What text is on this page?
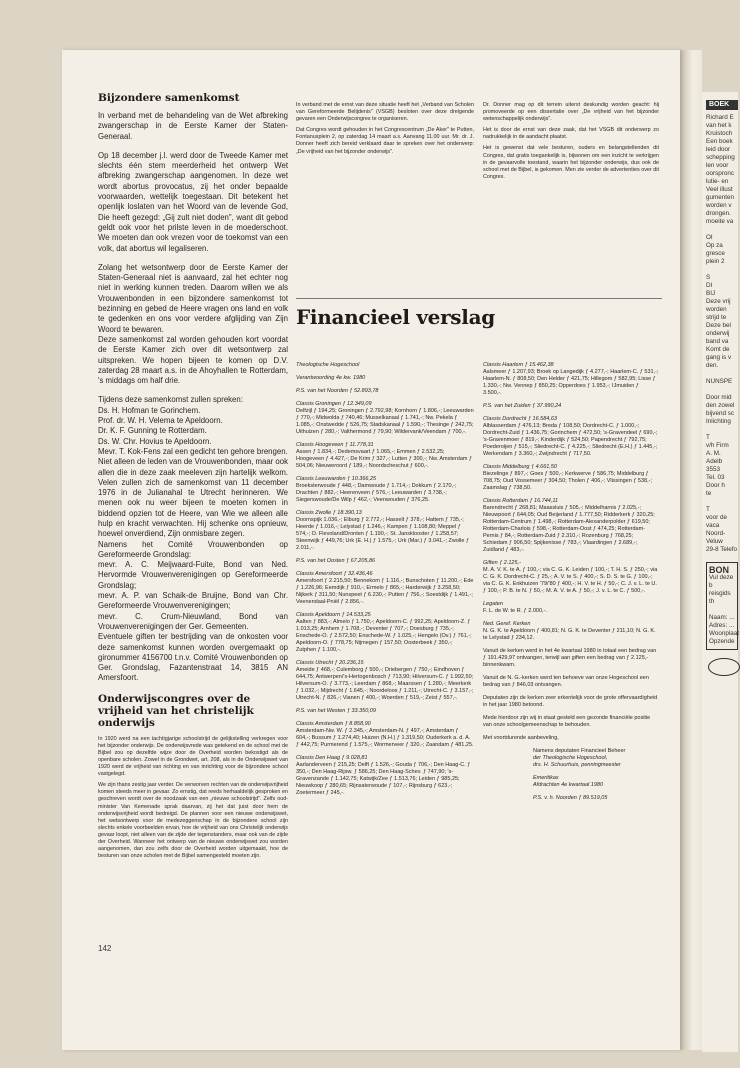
Bijzondere samenkomst

In verband met de behandeling van de Wet afbreking zwangerschap in de Eerste Kamer der Staten-Generaal.

Op 18 december j.l. werd door de Tweede Kamer met slechts één stem meerderheid het ontwerp Wet afbreking zwangerschap aangenomen. In deze wet wordt abortus provocatus, zij het onder bepaalde voorwaarden, wettelijk toegestaan. Dit betekent het openlijk loslaten van het Woord van de levende God, Die heeft gezegd: „Gij zult niet doden", want dit gebod geldt ook voor het prilste leven in de moederschoot. We moeten dan ook vrezen voor de toekomst van een volk, dat abortus wil legaliseren.

Zolang het wetsontwerp door de Eerste Kamer der Staten-Generaal niet is aanvaard, zal het echter nog niet in werking kunnen treden. Daarom willen we als Vrouwenbonden in een bijzondere samenkomst tot bezinning en gebed de Heere vragen ons land en volk te gedenken en ons voor verdere afglijding van Zijn Woord te bewaren.

Deze samenkomst zal worden gehouden kort voordat de Eerste Kamer zich over dit wetsontwerp zal uitspreken. We hopen bijeen te komen op D.V. zaterdag 28 maart a.s. in de Ahoyhallen te Rotterdam, 's middags om half drie.

Tijdens deze samenkomst zullen spreken:

Ds. H. Hofman te Gorinchem.

Prof. dr. W. H. Velema te Apeldoorn.

Dr. K. F. Gunning te Rotterdam.

Ds. W. Chr. Hovius te Apeldoorn.

Mevr. T. Kok-Fens zal een gedicht ten gehore brengen.

Niet alleen de leden van de Vrouwenbonden, maar ook allen die in deze zaak meeleven zijn hartelijk welkom. Velen zullen zich de samenkomst van 11 december 1976 in de Julianahal te Utrecht herinneren. We menen ook nu weer bijeen te moeten komen in biddend opzien tot de Heere, van Wie we alleen alle hulp en kracht verwachten. Hij schenke ons opnieuw, hoewel onverdiend, Zijn onmisbare zegen.

Namens het Comité Vrouwenbonden op Gereformeerde Grondslag:

mevr. A. C. Meijwaard-Fuite, Bond van Ned. Hervormde Vrouwenverenigingen op Gereformeerde Grondslag;

mevr. A. P. van Schaik-de Bruijne, Bond van Chr. Gereformeerde Vrouwenverenigingen;

mevr. C. Crum-Nieuwland, Bond van Vrouwenverenigingen der Ger. Gemeenten.

Eventuele giften ter bestrijding van de onkosten voor deze samenkomst kunnen worden overgemaakt op gironummer 4156700 t.n.v. Comité Vrouwenbonden op Ger. Grondslag, Fazantenstraat 14, 3815 AN Amersfoort.

Onderwijscongres over de vrijheid van het christelijk onderwijs

In 1920 werd na een tachtigjarige schoolstrijd de gelijkstelling verkregen voor het bijzonder onderwijs. De onderwijsvrede was getekend en de school met de Bijbel zou op dezelfde wijze door de Overheid worden bekostigd als de openbare scholen. Zowel in de Grondwet, art. 208, als in de Onderwijswet van 1920 werd de vrijheid van richting en van inrichting voor de bijzondere school vastgelegd.

We zijn thans zestig jaar verder. De verworven rechten van de onderwijsvrijheid komen steeds meer in gevaar. Zo ernstig, dat reeds herhaaldelijk gesproken en geschreven wordt over de noodzaak van een „nieuwe schoolstrijd". Zelfs oud-minister Van Kemenade sprak daarvan, zij het dat juist door hem de onderwijsvrijheid wordt bedreigd. De plannen voor een nieuwe onderwijswet, het wetsontwerp voor de medezeggenschap in de bijzondere school zijn slechts enkele voorbeelden ervan, hoe de vrijheid van ons Christelijk onderwijs gevaar loopt, niet alleen van de zijde der tegenstanders, maar ook van de zijde der Overheid. Wanneer het ontwerp van de nieuwe onderwijswet zou worden aangenomen, dan zou zelfs door de Overheid worden uitgemaakt, hoe de besturen van onze scholen met de Bijbel samengesteld moeten zijn.

In verband met de ernst van deze situatie heeft het „Verband van Scholen van Gereformeerde Belijdenis" (VSGB) besloten over deze dreigende gevaren een Onderwijscongres te organiseren.

Dat Congres wordt gehouden in het Congrescentrum „De Aker" te Putten, Fontanusplein 2, op zaterdag 14 maart a.s. Aanvang 11.00 uur. Mr. dr. J. Donner heeft zich bereid verklaard daar te spreken over het onderwerp: „De vrijheid van het bijzonder onderwijs".

Dr. Donner mag op dit terrein uiterst deskundig worden geacht: hij promoveerde op een dissertatie over „De vrijheid van het bijzonder wetenschappelijk onderwijs".

Het is door de ernst van deze zaak, dat het VSGB dit onderwerp zo nadrukkelijk in de aandacht plaatst.

Het is gewenst dat vele besturen, ouders en belangstellenden dit Congres, dat gratis toegankelijk is, bijwonen om een inzicht te verkrijgen in de gevaarvolle toestand, waarin het bijzonder onderwijs, dus ook de school met de Bijbel, is gekomen. Men zie verder de advertenties over dit Congres.

Financieel verslag

Theologische Hogeschool

Verantwoording 4e kw. 1980

P.S. van het Noorden ƒ 52.893,78

Classis Groningen ƒ 12.349,09

Delfzijl ƒ 194,25; Groningen ƒ 2.792,98; Kornhorn ƒ 1.806,-; Leeuwarden ƒ 770,-; Midwolda ƒ 740,46; Musselkanaal ƒ 1.741,-; Nw. Pekela ƒ 1.085,-; Onstwedde ƒ 526,75; Stadskanaal ƒ 1.590,-; Thesinge ƒ 242,75; Uithuizen ƒ 280,-; Valthermond ƒ 79,90; Wildervank/Veendam ƒ 700,-.

Classis Hoogeveen ƒ 11.778,31

Assen ƒ 1.834,-; Dedemsvaart ƒ 1.065,-; Emmen ƒ 2.532,25; Hoogeveen ƒ 4.427,-; De Krim ƒ 327,-; Lutten ƒ 300,-; Nw. Amsterdam ƒ 504,06; Nieuweroord ƒ 189,-; Noordscheschut ƒ 600,-.

Classis Leeuwarden ƒ 10.366,25

Broeksterwoude ƒ 448,-; Damwoude ƒ 1.714,-; Dokkum ƒ 2.170,-; Drachten ƒ 882,-; Heerenveen ƒ 576,-; Leeuwarden ƒ 3.738,-; Siegerswoude/De Wilp ƒ 462,-; Veenwouden ƒ 376,25.

Classis Zwolle ƒ 18.390,13

Doornspijk 1.036,-; Elburg ƒ 2.772,-; Hasselt ƒ 378,-; Hattem ƒ 735,-; Heerde ƒ 1.016,-; Lelystad ƒ 1.246,-; Kampen ƒ 1.108,80; Meppel ƒ 574,-; O. Flevoland/Dronten ƒ 1.190,-; St. Jansklooster ƒ 1.258,57; Steenwijk ƒ 449,76; Urk (E. H.) ƒ 1.575,-; Urk (Mar.) ƒ 3.041,-; Zwolle ƒ 2.011,-.

P.S. van het Oosten ƒ 67.205,86

Classis Amersfoort ƒ 32.436,46

Amersfoort ƒ 2.215,50; Bennekom ƒ 1.116,-; Bunschoten ƒ 11.200,-; Ede ƒ 1.226,96; Eemdijk ƒ 910,-; Ermelo ƒ 865,-; Harderwijk ƒ 3.258,50; Nijkerk ƒ 311,50; Nunspeet ƒ 6.230,-; Putten ƒ 756,-; Soestdijk ƒ 1.491,-; Veenendaal-Pniël ƒ 2.856,-.

Classis Apeldoorn ƒ 14.533,25

Aalten ƒ 883,-; Almelo ƒ 1.750,-; Apeldoorn-C. ƒ 992,25; Apeldoorn-Z. ƒ 1.013,25; Arnhem ƒ 1.708,-; Deventer ƒ 707,-; Doesburg ƒ 735,-; Enschede-O. ƒ 2.572,50; Enschede-W. ƒ 1.025,-; Hengelo (Ov.) ƒ 761,-; Apeldoorn-O. ƒ 778,75; Nijmegen ƒ 157,50; Oosterbeek ƒ 350,-; Zutphen ƒ 1.100,-.

Classis Utrecht ƒ 20.236,15

Ameide ƒ 468,-; Culemborg ƒ 500,-; Driebergen ƒ 750,-; Eindhoven ƒ 644,75; Antwerpen/'s-Hertogenbosch ƒ 713,90; Hilversum-C. ƒ 1.992,50; Hilversum-O. ƒ 3.773,-; Leerdam ƒ 868,-; Maarssen ƒ 1.280,-; Meerkerk ƒ 1.032,-; Mijdrecht ƒ 1.645,-; Noordeloos ƒ 1.211,-; Utrecht-C. ƒ 3.157,-; Utrecht-N. ƒ 826,-; Vianen ƒ 400,-; Woerden ƒ 519,-; Zeist ƒ 557,-.

P.S. van het Westen ƒ 33.350,09

Classis Amsterdam ƒ 8.858,90

Amsterdam-Nw. W. ƒ 2.345,-; Amsterdam-N. ƒ 497,-; Amsterdam ƒ 604,-; Bussum ƒ 1.274,40; Huizen (N.H.) ƒ 1.319,50; Ouderkerk a. d. A. ƒ 442,75; Purmerend ƒ 1.575,-; Wormerveer ƒ 320,-; Zaandam ƒ 481,25.

Classis Den Haag ƒ 9.028,81

Aarlanderveen ƒ 215,25; Delft ƒ 1.526,-; Gouda ƒ 706,-; Den Haag-C. ƒ 350,-; Den Haag-Rijsw. ƒ 586,25; Den Haag-Schev. ƒ 747,90; 's-Gravenzande ƒ 1.142,75; Katwijk/Zee ƒ 1.513,76; Leiden ƒ 985,25; Nieuwkoop ƒ 280,65; Rijnsaterwoude ƒ 107,-; Rijnsburg ƒ 623,-; Zoetermeer ƒ 245,-.

Classis Haarlem ƒ 15.462,38

Aalsmeer ƒ 1.207,93; Broek op Langedijk ƒ 4.277,-; Haarlem-C. ƒ 531,-; Haarlem-N. ƒ 808,50; Den Helder ƒ 421,75; Hillegom ƒ 582,95; Lisse ƒ 1.330,-; Nw. Vennep ƒ 850,25; Opperdoes ƒ 1.953,-; IJmuiden ƒ 3.500,-.

P.S. van het Zuiden ƒ 37.990,24

Classis Dordrecht ƒ 16.584,63

Alblasserdam ƒ 476,13; Breda ƒ 108,50; Dordrecht-C. ƒ 1.000,-; Dordrecht-Zuid ƒ 1.436,75; Gorinchem ƒ 472,50; 's-Gravendeel ƒ 690,-; 's-Gravenmoer ƒ 819,-; Kinderdijk ƒ 524,50; Papendrecht ƒ 792,75; Poederoijen ƒ 515,-; Sliedrecht-C. ƒ 4.225,-; Sliedrecht (E.H.) ƒ 1.445,-; Werkendam ƒ 3.360,-; Zwijndrecht ƒ 717,50.

Classis Middelburg ƒ 4.661,50

Biezelinge ƒ 897,-; Goes ƒ 500,-; Kerkwerve ƒ 586,75; Middelburg ƒ 708,75; Oud Vossemeer ƒ 304,50; Tholen ƒ 406,-; Vlissingen ƒ 538,-; Zaamslag ƒ 738,50.

Classis Rotterdam ƒ 16.744,11

Barendrecht ƒ 268,81; Maassluis ƒ 505,-; Middelharnis ƒ 2.025,-; Nieuwpoort ƒ 644,05; Oud Beijerland ƒ 1.777,50; Ridderkerk ƒ 320,25; Rotterdam-Centrum ƒ 1.498,-; Rotterdam-Alexanderpolder ƒ 619,50; Rotterdam-Charlois ƒ 598,-; Rotterdam-Oost ƒ 474,25; Rotterdam-Pernis ƒ 84,-; Rotterdam-Zuid ƒ 2.310,-; Rozenburg ƒ 768,25; Schiedam ƒ 906,50; Spijkenisse ƒ 783,-; Vlaardingen ƒ 2.689,-; Zuidland ƒ 483,-.

Giften ƒ 2.125,-

M. A. V. K. te A. ƒ 100,-; via C. G. K. Leiden ƒ 100,-; T. H. S. ƒ 250,-; via C. G. K. Dordrecht-C. ƒ 25,-; A. V. te S. ƒ 400,-; S. D. S. te G. ƒ 100,-; via C. G. K. Enkhuizen '79/'80 ƒ 400,-; H. V. te H. ƒ 50,-; C. J. v. L. te U. ƒ 100,-; P. B. te N. ƒ 50,-; M. A. V. te A. ƒ 50,-; J. v. L. te C. ƒ 500,-.

Legaten

F. L. de W. te R. ƒ 2.000,-.

Ned. Geref. Kerken

N. G. K. te Apeldoorn ƒ 400,81; N. G. K. te Deventer ƒ 211,10; N. G. K. te Lelystad ƒ 234,12.

Vanuit de kerken werd in het 4e kwartaal 1980 in totaal een bedrag van ƒ 191.429,97 ontvangen, terwijl aan giften een bedrag van ƒ 2.125,- binnenkwam.

Vanuit de N. G.-kerken werd ten behoeve van onze Hogeschool een bedrag van ƒ 846,03 ontvangen.

Deputaten zijn de kerken zeer erkentelijk voor de grote offervaardigheid in het jaar 1980 betoond.

Mede hierdoor zijn wij in staat gesteld een gezonde financiële positie van onze schoolgemeenschap te behouden.

Met voortdurende aanbeveling,

Namens deputaten Financieel Beheer
der Theologische Hogeschool,
drs. H. Schuurhuis, penningmeester
Emeritikas
Afdrachten 4e kwartaal 1980
P.S. v. h. Noorden ƒ 89.519,05
142
BOEK
Richard E
van het k
Kruistoch
Een boek
leid door
schepping
len voor
oorspronc
lutie- en
Veel illust
gumenten
worden v
drongen.
moeite va

OI
Op za
gresce
plein 2

S
DI
BIJ
Deze vrij
worden
strijd te
Deze bel
onderwij
band va
Komt de
gang is v
den.

NUNSPE

Door mid
den zowel
bijvend sc
Inlichting

T
v/h Firm
A. M.
Adelb
3553
Tel. 03
Door h
te

T
voor de vaca
Noord-Veluw
29-8 Telefo
BON
Vul deze b
reisgids th

Naam: ...
Adres: ...
Woonplaat
Opzende
